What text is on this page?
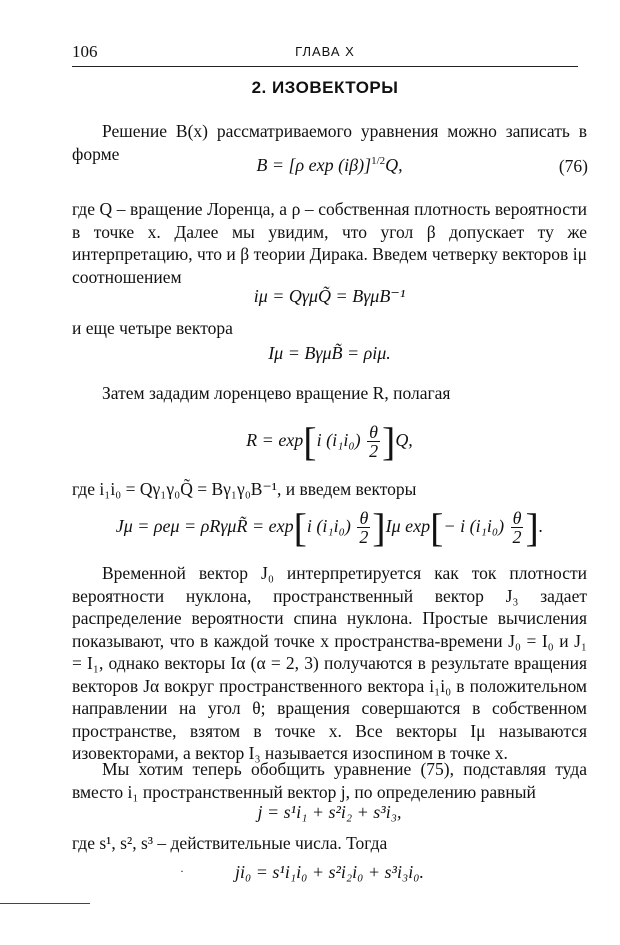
106	ГЛАВА X
2. ИЗОВЕКТОРЫ

Решение B(x) рассматриваемого уравнения можно записать в форме

B = [ρ exp (iβ)]$^{1/2}$Q,	(76)

где Q – вращение Лоренца, а ρ – собственная плотность вероятности в точке x. Далее мы увидим, что угол β допускает ту же интерпретацию, что и β теории Дирака. Введем четверку векторов iμ соотношением

iμ = QγμQ̃ = BγμB⁻¹

и еще четыре вектора

Iμ = BγμB̃ = ρiμ.

Затем зададим лоренцево вращение R, полагая

R = exp[i $(i_1i_0) \frac{\theta}{2} ]Q$,

где i₁i₀ = Qγ₁γ₀Q̃ = Bγ₁γ₀B⁻¹, и введем векторы

Jμ = ρeμ = ρRγμR̃ = exp[i $(i_1i_0) \frac{\theta}{2} ]I\mu$ exp[− i $(i_1i_0) \frac{\theta}{2}$ ].

Временной вектор J₀ интерпретируется как ток плотности вероятности нуклона, пространственный вектор J₃ задает распределение вероятности спина нуклона. Простые вычисления показывают, что в каждой точке x пространства-времени J₀ = I₀ и J₁ = I₁, однако векторы Iα (α = 2, 3) получаются в результате вращения векторов Jα вокруг пространственного вектора i₁i₀ в положительном направлении на угол θ; вращения совершаются в собственном пространстве, взятом в точке x. Все векторы Iμ называются изовекторами, а вектор I₃ называется изоспином в точке x.

Мы хотим теперь обобщить уравнение (75), подставляя туда вместо i₁ пространственный вектор j, по определению равный

j = s¹i₁ + s²i₂ + s³i₃,

где s¹, s², s³ – действительные числа. Тогда

·	ji₀ = s¹i₁i₀ + s²i₂i₀ + s³i₃i₀.
